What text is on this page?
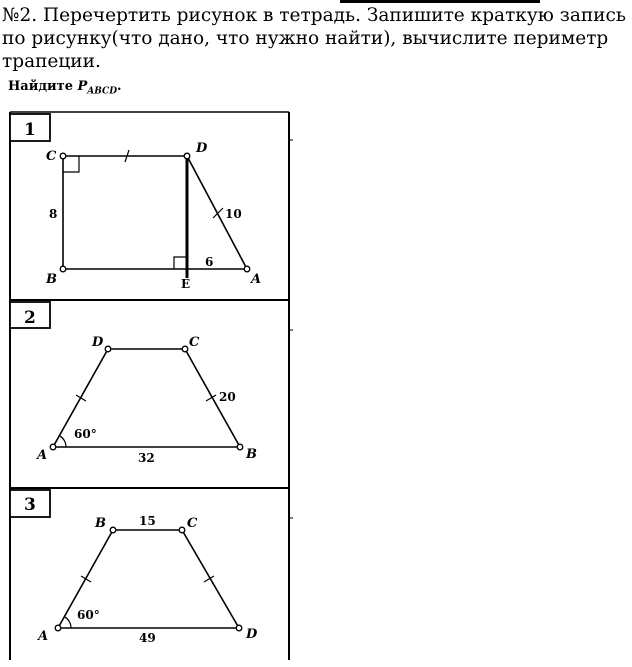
№2. Перечертить рисунок в тетрадь. Запишите краткую запись по рисунку(что дано, что нужно найти), вычислите периметр трапеции.
Найдите $P_{ABCD}$.
1
2
3
C
D
B	A
E
8	10
6
D	C
A	B
60°
20
32
B	C
A	D
60°
15
49
